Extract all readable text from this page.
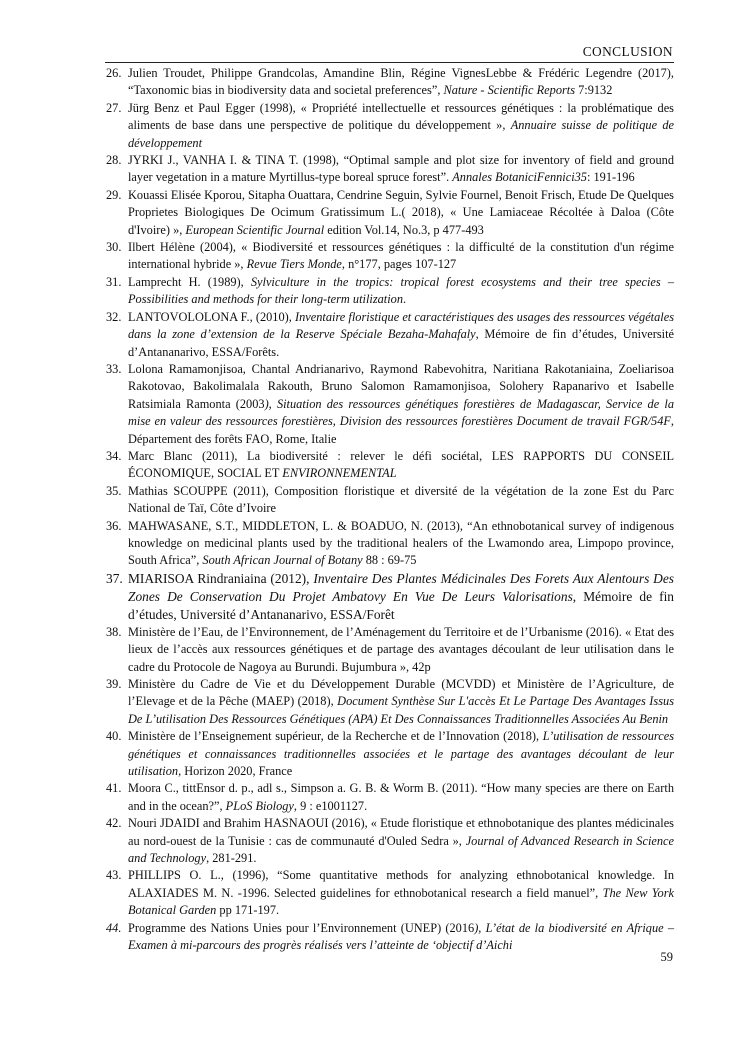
CONCLUSION
26. Julien Troudet, Philippe Grandcolas, Amandine Blin, Régine VignesLebbe & Frédéric Legendre (2017), “Taxonomic bias in biodiversity data and societal preferences”, Nature - Scientific Reports 7:9132
27. Jürg Benz et Paul Egger (1998), « Propriété intellectuelle et ressources génétiques : la problématique des aliments de base dans une perspective de politique du développement », Annuaire suisse de politique de développement
28. JYRKI J., VANHA I. & TINA T. (1998), “Optimal sample and plot size for inventory of field and ground layer vegetation in a mature Myrtillus-type boreal spruce forest”. Annales BotaniciFennici35: 191-196
29. Kouassi Elisée Kporou, Sitapha Ouattara, Cendrine Seguin, Sylvie Fournel, Benoit Frisch, Etude De Quelques Proprietes Biologiques De Ocimum Gratissimum L.( 2018), « Une Lamiaceae Récoltée à Daloa (Côte d'Ivoire) », European Scientific Journal edition Vol.14, No.3, p 477-493
30. Ilbert Hélène (2004), « Biodiversité et ressources génétiques : la difficulté de la constitution d'un régime international hybride », Revue Tiers Monde, n°177, pages 107-127
31. Lamprecht H. (1989), Sylviculture in the tropics: tropical forest ecosystems and their tree species – Possibilities and methods for their long-term utilization.
32. LANTOVOLOLONA F., (2010), Inventaire floristique et caractéristiques des usages des ressources végétales dans la zone d’extension de la Reserve Spéciale Bezaha-Mahafaly, Mémoire de fin d’études, Université d’Antananarivo, ESSA/Forêts.
33. Lolona Ramamonjisoa, Chantal Andrianarivo, Raymond Rabevohitra, Naritiana Rakotaniaina, Zoeliarisoa Rakotovao, Bakolimalala Rakouth, Bruno Salomon Ramamonjisoa, Solohery Rapanarivo et Isabelle Ratsimiala Ramonta (2003), Situation des ressources génétiques forestières de Madagascar, Service de la mise en valeur des ressources forestières, Division des ressources forestières Document de travail FGR/54F, Département des forêts FAO, Rome, Italie
34. Marc Blanc (2011), La biodiversité : relever le défi sociétal, LES RAPPORTS DU CONSEIL ÉCONOMIQUE, SOCIAL ET ENVIRONNEMENTAL
35. Mathias SCOUPPE (2011), Composition floristique et diversité de la végétation de la zone Est du Parc National de Taï, Côte d’Ivoire
36. MAHWASANE, S.T., MIDDLETON, L. & BOADUO, N. (2013), “An ethnobotanical survey of indigenous knowledge on medicinal plants used by the traditional healers of the Lwamondo area, Limpopo province, South Africa”, South African Journal of Botany 88 : 69-75
37. MIARISOA Rindraniaina (2012), Inventaire Des Plantes Médicinales Des Forets Aux Alentours Des Zones De Conservation Du Projet Ambatovy En Vue De Leurs Valorisations, Mémoire de fin d’études, Université d’Antananarivo, ESSA/Forêt
38. Ministère de l’Eau, de l’Environnement, de l’Aménagement du Territoire et de l’Urbanisme (2016). « Etat des lieux de l’accès aux ressources génétiques et de partage des avantages découlant de leur utilisation dans le cadre du Protocole de Nagoya au Burundi. Bujumbura », 42p
39. Ministère du Cadre de Vie et du Développement Durable (MCVDD) et Ministère de l’Agriculture, de l’Elevage et de la Pêche (MAEP) (2018), Document Synthèse Sur L'accès Et Le Partage Des Avantages Issus De L’utilisation Des Ressources Génétiques (APA) Et Des Connaissances Traditionnelles Associées Au Benin
40. Ministère de l’Enseignement supérieur, de la Recherche et de l’Innovation (2018), L’utilisation de ressources génétiques et connaissances traditionnelles associées et le partage des avantages découlant de leur utilisation, Horizon 2020, France
41. Moora C., tittEnsor d. p., adl s., Simpson a. G. B. & Worm B. (2011). “How many species are there on Earth and in the ocean?”, PLoS Biology, 9 : e1001127.
42. Nouri JDAIDI and Brahim HASNAOUI (2016), « Etude floristique et ethnobotanique des plantes médicinales au nord-ouest de la Tunisie : cas de communauté d'Ouled Sedra », Journal of Advanced Research in Science and Technology, 281-291.
43. PHILLIPS O. L., (1996), “Some quantitative methods for analyzing ethnobotanical knowledge. In ALAXIADES M. N. -1996. Selected guidelines for ethnobotanical research a field manuel”, The New York Botanical Garden pp 171-197.
44. Programme des Nations Unies pour l’Environnement (UNEP) (2016), L’état de la biodiversité en Afrique – Examen à mi-parcours des progrès réalisés vers l’atteinte de ‘objectif d’Aichi
59
